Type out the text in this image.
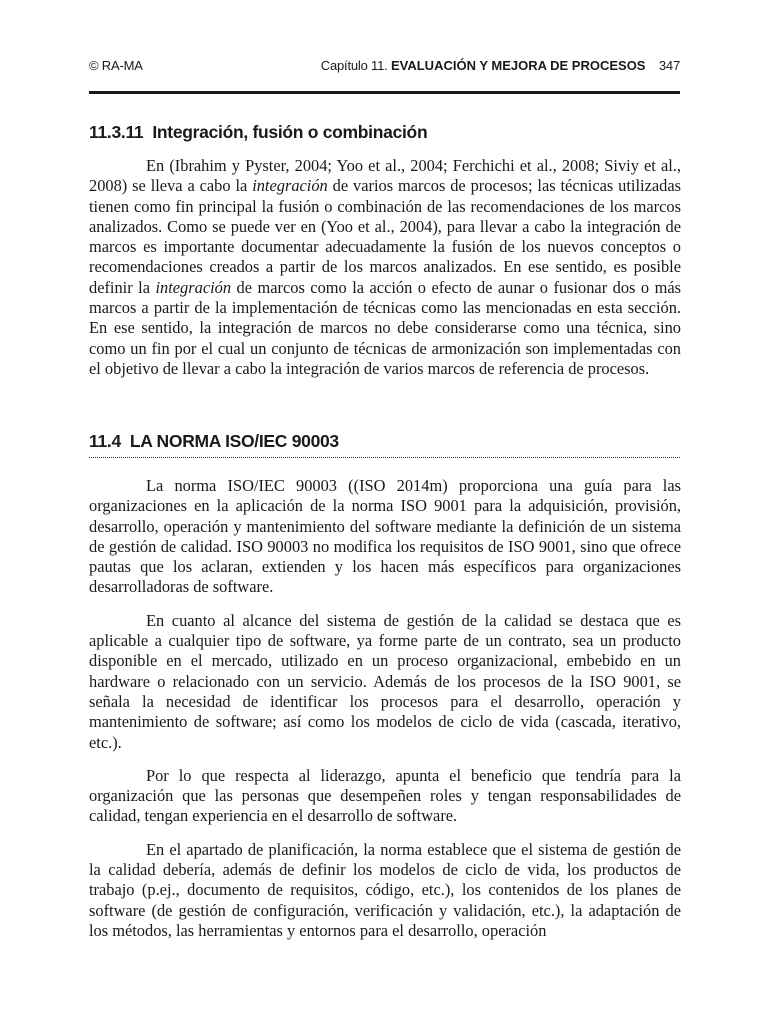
© RA-MA	Capítulo 11. EVALUACIÓN Y MEJORA DE PROCESOS 347
11.3.11 Integración, fusión o combinación

En (Ibrahim y Pyster, 2004; Yoo et al., 2004; Ferchichi et al., 2008; Siviy et al., 2008) se lleva a cabo la integración de varios marcos de procesos; las técnicas utilizadas tienen como fin principal la fusión o combinación de las recomendaciones de los marcos analizados. Como se puede ver en (Yoo et al., 2004), para llevar a cabo la integración de marcos es importante documentar adecuadamente la fusión de los nuevos conceptos o recomendaciones creados a partir de los marcos analizados. En ese sentido, es posible definir la integración de marcos como la acción o efecto de aunar o fusionar dos o más marcos a partir de la implementación de técnicas como las mencionadas en esta sección. En ese sentido, la integración de marcos no debe considerarse como una técnica, sino como un fin por el cual un conjunto de técnicas de armonización son implementadas con el objetivo de llevar a cabo la integración de varios marcos de referencia de procesos.

11.4 LA NORMA ISO/IEC 90003

La norma ISO/IEC 90003 ((ISO 2014m) proporciona una guía para las organizaciones en la aplicación de la norma ISO 9001 para la adquisición, provisión, desarrollo, operación y mantenimiento del software mediante la definición de un sistema de gestión de calidad. ISO 90003 no modifica los requisitos de ISO 9001, sino que ofrece pautas que los aclaran, extienden y los hacen más específicos para organizaciones desarrolladoras de software.

En cuanto al alcance del sistema de gestión de la calidad se destaca que es aplicable a cualquier tipo de software, ya forme parte de un contrato, sea un producto disponible en el mercado, utilizado en un proceso organizacional, embebido en un hardware o relacionado con un servicio. Además de los procesos de la ISO 9001, se señala la necesidad de identificar los procesos para el desarrollo, operación y mantenimiento de software; así como los modelos de ciclo de vida (cascada, iterativo, etc.).

Por lo que respecta al liderazgo, apunta el beneficio que tendría para la organización que las personas que desempeñen roles y tengan responsabilidades de calidad, tengan experiencia en el desarrollo de software.

En el apartado de planificación, la norma establece que el sistema de gestión de la calidad debería, además de definir los modelos de ciclo de vida, los productos de trabajo (p.ej., documento de requisitos, código, etc.), los contenidos de los planes de software (de gestión de configuración, verificación y validación, etc.), la adaptación de los métodos, las herramientas y entornos para el desarrollo, operación
